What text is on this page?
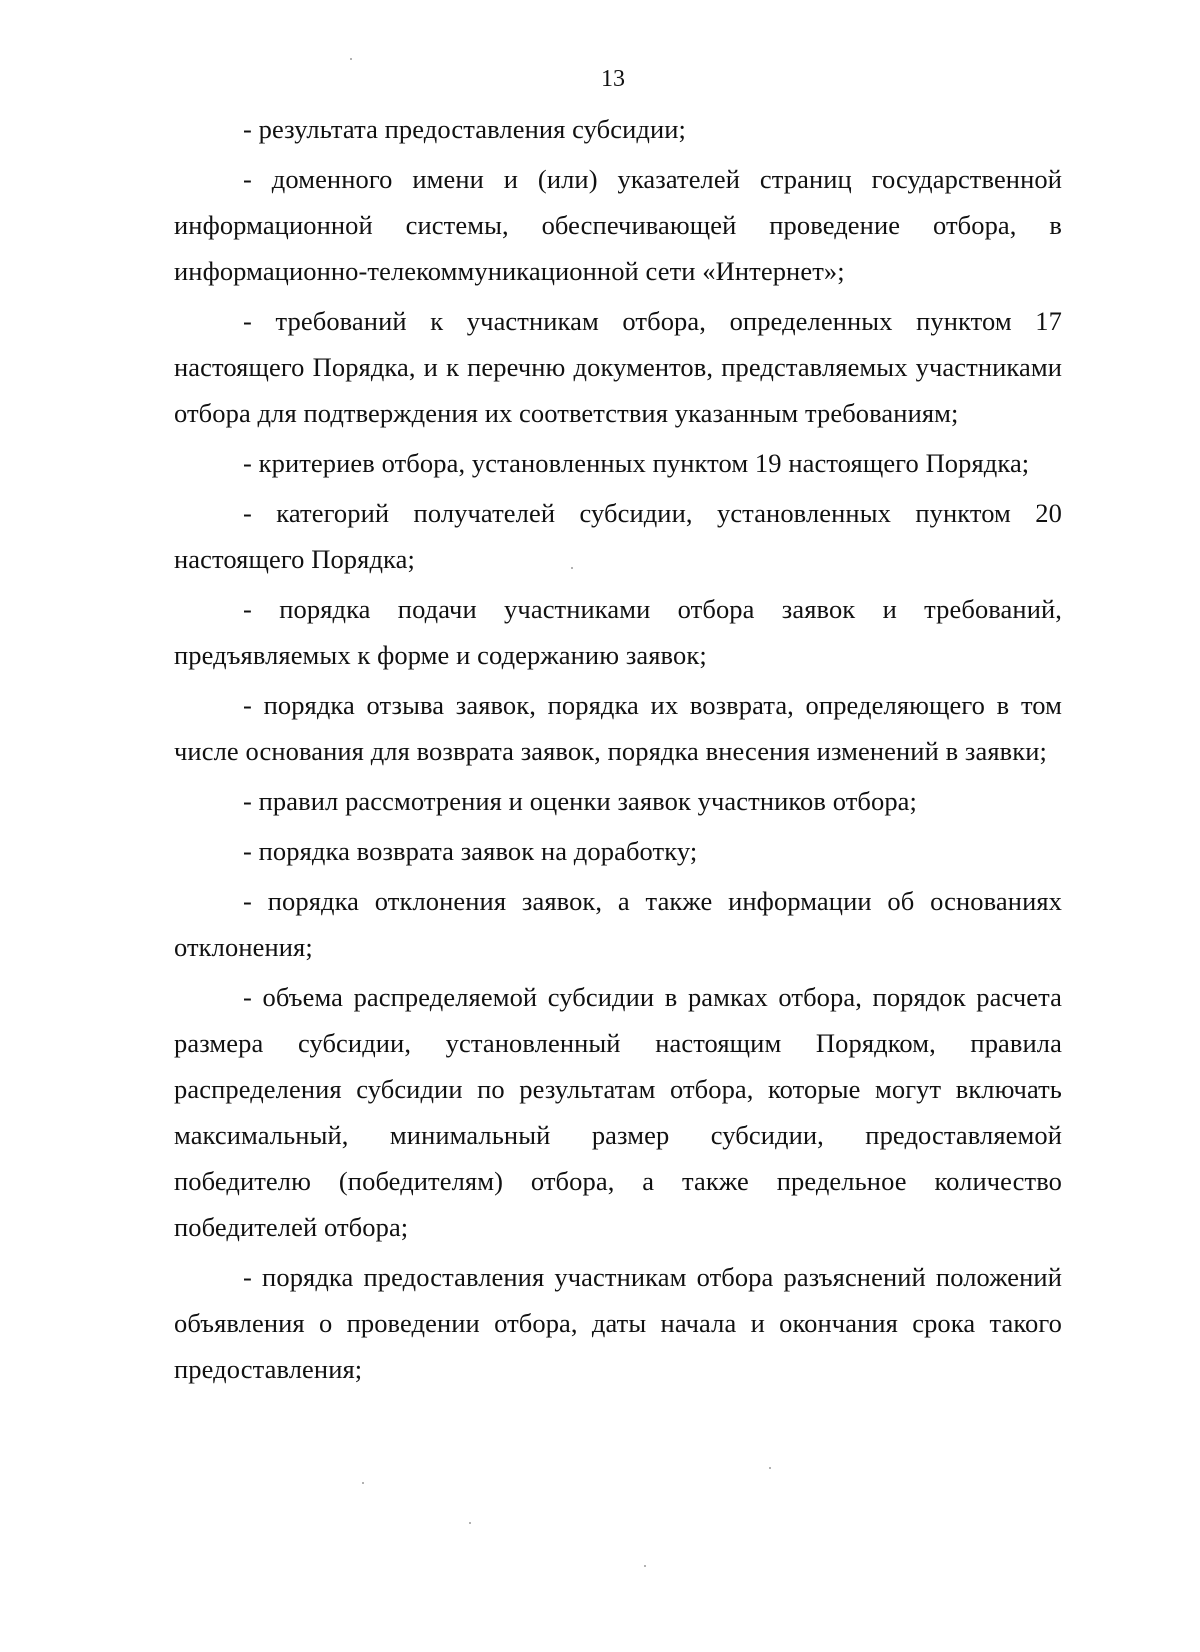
13

- результата предоставления субсидии;

- доменного имени и (или) указателей страниц государственной информационной системы, обеспечивающей проведение отбора, в информационно-телекоммуникационной сети «Интернет»;

- требований к участникам отбора, определенных пунктом 17 настоящего Порядка, и к перечню документов, представляемых участниками отбора для подтверждения их соответствия указанным требованиям;

- критериев отбора, установленных пунктом 19 настоящего Порядка;

- категорий получателей субсидии, установленных пунктом 20 настоящего Порядка;

- порядка подачи участниками отбора заявок и требований, предъявляемых к форме и содержанию заявок;

- порядка отзыва заявок, порядка их возврата, определяющего в том числе основания для возврата заявок, порядка внесения изменений в заявки;

- правил рассмотрения и оценки заявок участников отбора;

- порядка возврата заявок на доработку;

- порядка отклонения заявок, а также информации об основаниях отклонения;

- объема распределяемой субсидии в рамках отбора, порядок расчета размера субсидии, установленный настоящим Порядком, правила распределения субсидии по результатам отбора, которые могут включать максимальный, минимальный размер субсидии, предоставляемой победителю (победителям) отбора, а также предельное количество победителей отбора;

- порядка предоставления участникам отбора разъяснений положений объявления о проведении отбора, даты начала и окончания срока такого предоставления;
